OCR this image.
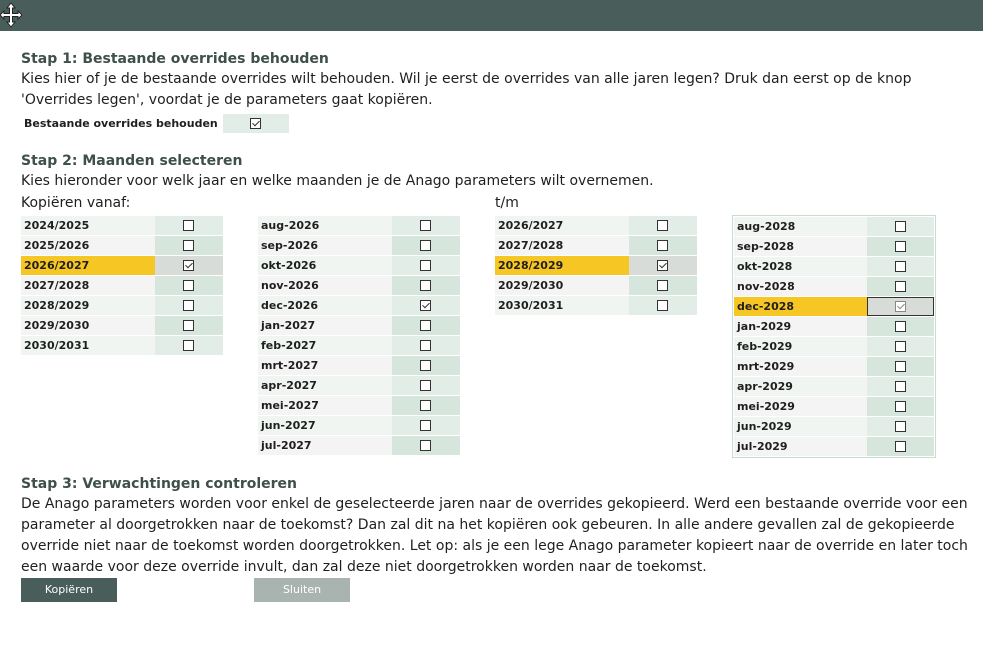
Stap 1: Bestaande overrides behouden
Kies hier of je de bestaande overrides wilt behouden. Wil je eerst de overrides van alle jaren legen? Druk dan eerst op de knop
'Overrides legen', voordat je de parameters gaat kopiëren.
Bestaande overrides behouden
Stap 2: Maanden selecteren
Kies hieronder voor welk jaar en welke maanden je de Anago parameters wilt overnemen.
Kopiëren vanaf:	t/m
2024/2025
2025/2026
2026/2027
2027/2028
2028/2029
2029/2030
2030/2031
aug-2026
sep-2026
okt-2026
nov-2026
dec-2026
jan-2027
feb-2027
mrt-2027
apr-2027
mei-2027
jun-2027
jul-2027
2026/2027
2027/2028
2028/2029
2029/2030
2030/2031
aug-2028
sep-2028
okt-2028
nov-2028
dec-2028
jan-2029
feb-2029
mrt-2029
apr-2029
mei-2029
jun-2029
jul-2029
Stap 3: Verwachtingen controleren
De Anago parameters worden voor enkel de geselecteerde jaren naar de overrides gekopieerd. Werd een bestaande override voor een
parameter al doorgetrokken naar de toekomst? Dan zal dit na het kopiëren ook gebeuren. In alle andere gevallen zal de gekopieerde
override niet naar de toekomst worden doorgetrokken. Let op: als je een lege Anago parameter kopieert naar de override en later toch
een waarde voor deze override invult, dan zal deze niet doorgetrokken worden naar de toekomst.
Kopiëren	Sluiten
